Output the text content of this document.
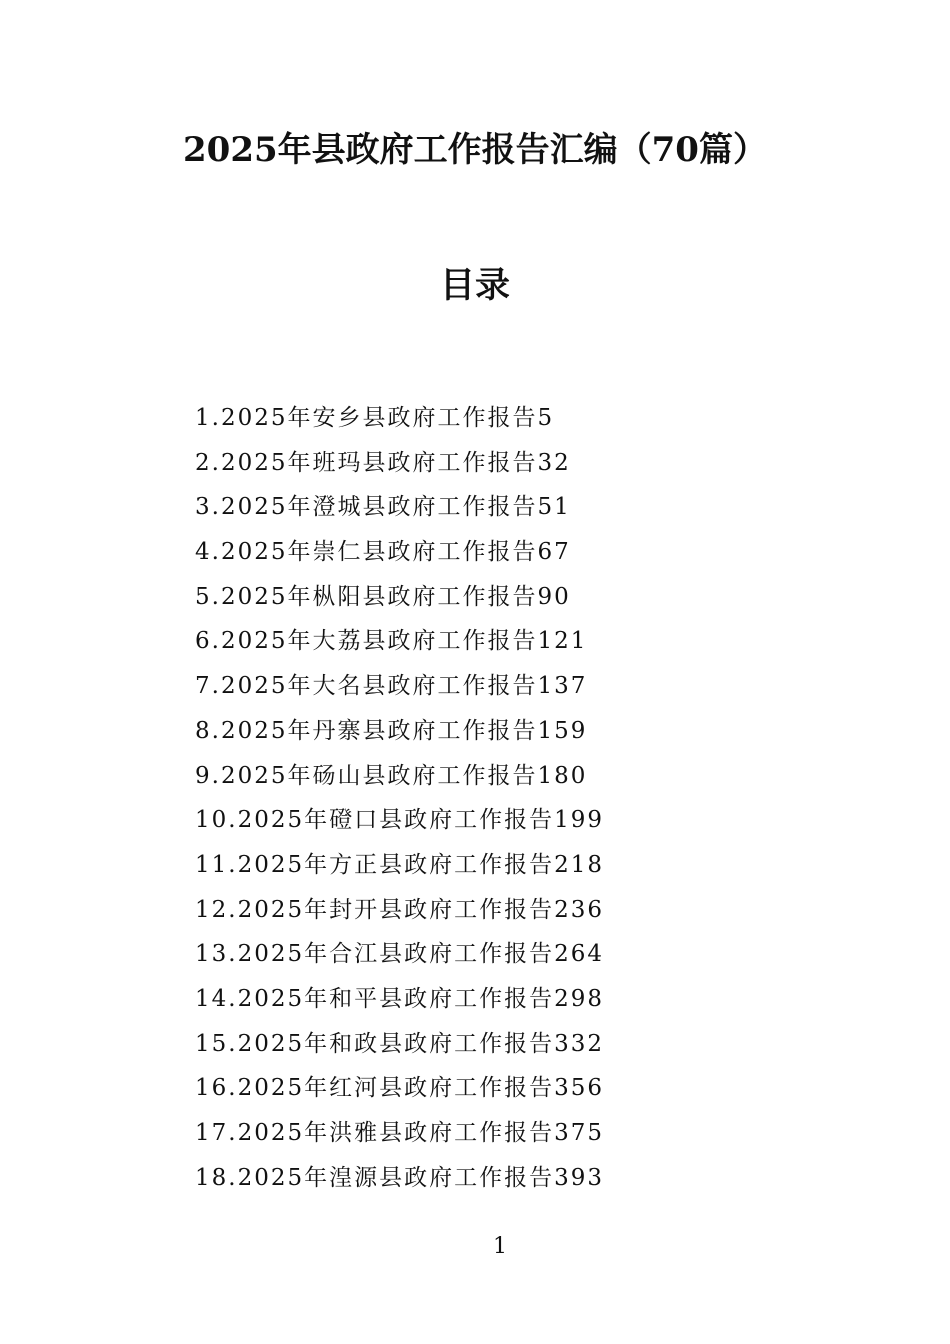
2025年县政府工作报告汇编（70篇）
目录
1.2025年安乡县政府工作报告5
2.2025年班玛县政府工作报告32
3.2025年澄城县政府工作报告51
4.2025年崇仁县政府工作报告67
5.2025年枞阳县政府工作报告90
6.2025年大荔县政府工作报告121
7.2025年大名县政府工作报告137
8.2025年丹寨县政府工作报告159
9.2025年砀山县政府工作报告180
10.2025年磴口县政府工作报告199
11.2025年方正县政府工作报告218
12.2025年封开县政府工作报告236
13.2025年合江县政府工作报告264
14.2025年和平县政府工作报告298
15.2025年和政县政府工作报告332
16.2025年红河县政府工作报告356
17.2025年洪雅县政府工作报告375
18.2025年湟源县政府工作报告393
1
